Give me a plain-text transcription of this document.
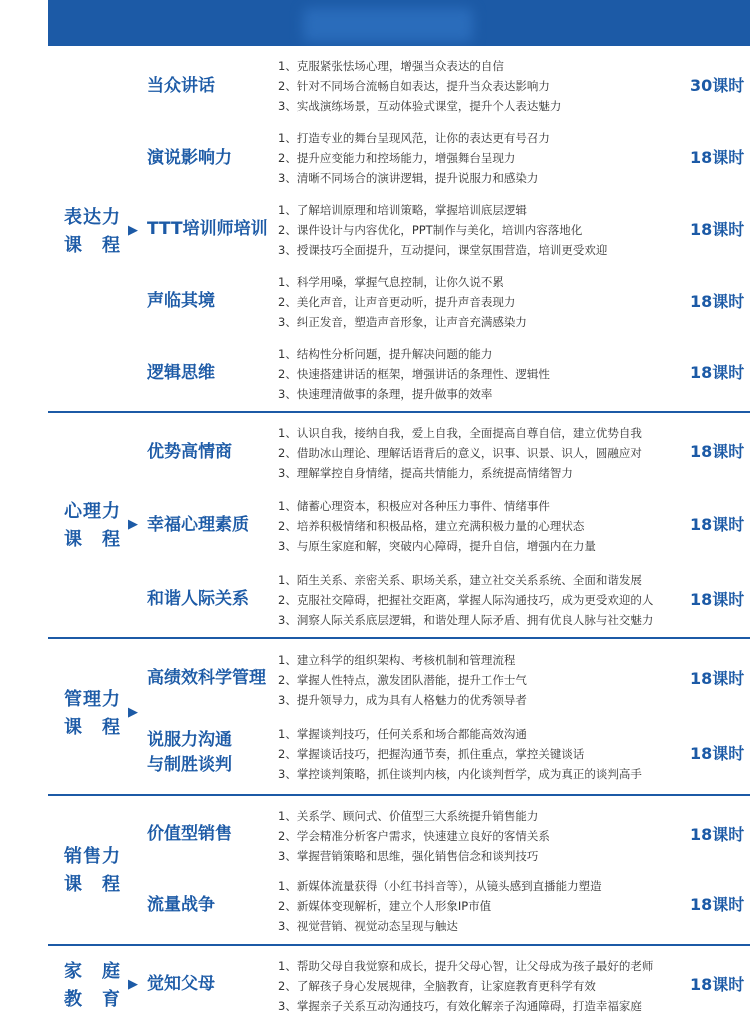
表达力
课　程
▶
当众讲话
1、克服紧张怯场心理，增强当众表达的自信
2、针对不同场合流畅自如表达，提升当众表达影响力
3、实战演练场景，互动体验式课堂，提升个人表达魅力
30课时
演说影响力
1、打造专业的舞台呈现风范，让你的表达更有号召力
2、提升应变能力和控场能力，增强舞台呈现力
3、清晰不同场合的演讲逻辑，提升说服力和感染力
18课时
TTT培训师培训
1、了解培训原理和培训策略，掌握培训底层逻辑
2、课件设计与内容优化，PPT制作与美化，培训内容落地化
3、授课技巧全面提升，互动提问，课堂氛围营造，培训更受欢迎
18课时
声临其境
1、科学用嗓，掌握气息控制，让你久说不累
2、美化声音，让声音更动听，提升声音表现力
3、纠正发音，塑造声音形象，让声音充满感染力
18课时
逻辑思维
1、结构性分析问题，提升解决问题的能力
2、快速搭建讲话的框架，增强讲话的条理性、逻辑性
3、快速理清做事的条理，提升做事的效率
18课时
心理力
课　程
▶
优势高情商
1、认识自我，接纳自我，爱上自我，全面提高自尊自信，建立优势自我
2、借助冰山理论、理解话语背后的意义，识事、识景、识人，圆融应对
3、理解掌控自身情绪，提高共情能力，系统提高情绪智力
18课时
幸福心理素质
1、储蓄心理资本，积极应对各种压力事件、情绪事件
2、培养积极情绪和积极品格，建立充满积极力量的心理状态
3、与原生家庭和解，突破内心障碍，提升自信，增强内在力量
18课时
和谐人际关系
1、陌生关系、亲密关系、职场关系，建立社交关系系统、全面和谐发展
2、克服社交障碍，把握社交距离，掌握人际沟通技巧，成为更受欢迎的人
3、洞察人际关系底层逻辑，和谐处理人际矛盾、拥有优良人脉与社交魅力
18课时
管理力
课　程
▶
高绩效科学管理
1、建立科学的组织架构、考核机制和管理流程
2、掌握人性特点，激发团队潜能，提升工作士气
3、提升领导力，成为具有人格魅力的优秀领导者
18课时
说服力沟通
与制胜谈判
1、掌握谈判技巧，任何关系和场合都能高效沟通
2、掌握谈话技巧，把握沟通节奏，抓住重点，掌控关键谈话
3、掌控谈判策略，抓住谈判内核，内化谈判哲学，成为真正的谈判高手
18课时
销售力
课　程
价值型销售
1、关系学、顾问式、价值型三大系统提升销售能力
2、学会精准分析客户需求，快速建立良好的客情关系
3、掌握营销策略和思维，强化销售信念和谈判技巧
18课时
流量战争
1、新媒体流量获得（小红书抖音等），从镜头感到直播能力塑造
2、新媒体变现解析，建立个人形象IP市值
3、视觉营销、视觉动态呈现与触达
18课时
家　庭
教　育
▶ 觉知父母
1、帮助父母自我觉察和成长，提升父母心智，让父母成为孩子最好的老师
2、了解孩子身心发展规律，全脑教育，让家庭教育更科学有效
3、掌握亲子关系互动沟通技巧，有效化解亲子沟通障碍，打造幸福家庭
18课时
